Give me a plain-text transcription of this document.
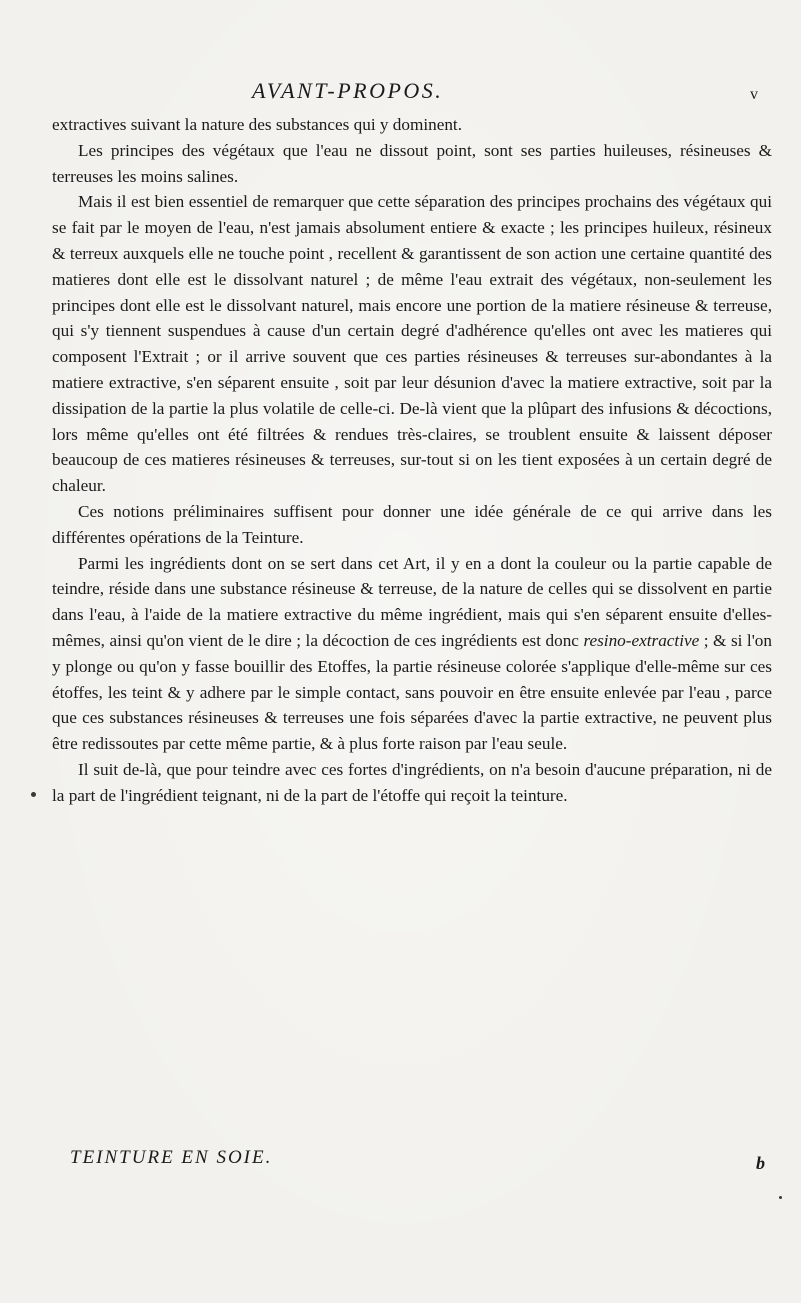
AVANT-PROPOS.	v

extractives suivant la nature des substances qui y dominent.

Les principes des végétaux que l'eau ne dissout point, sont ses parties huileuses, résineuses & terreuses les moins salines.

Mais il est bien essentiel de remarquer que cette séparation des principes prochains des végétaux qui se fait par le moyen de l'eau, n'est jamais absolument entiere & exacte ; les principes huileux, résineux & terreux auxquels elle ne touche point , recellent & garantissent de son action une certaine quantité des matieres dont elle est le dissolvant naturel ; de même l'eau extrait des végétaux, non-seulement les principes dont elle est le dissolvant naturel, mais encore une portion de la matiere résineuse & terreuse, qui s'y tiennent suspendues à cause d'un certain degré d'adhérence qu'elles ont avec les matieres qui composent l'Extrait ; or il arrive souvent que ces parties résineuses & terreuses sur-abondantes à la matiere extractive, s'en séparent ensuite , soit par leur désunion d'avec la matiere extractive, soit par la dissipation de la partie la plus volatile de celle-ci. De-là vient que la plûpart des infusions & décoctions, lors même qu'elles ont été filtrées & rendues très-claires, se troublent ensuite & laissent déposer beaucoup de ces matieres résineuses & terreuses, sur-tout si on les tient exposées à un certain degré de chaleur.

Ces notions préliminaires suffisent pour donner une idée générale de ce qui arrive dans les différentes opérations de la Teinture.

Parmi les ingrédients dont on se sert dans cet Art, il y en a dont la couleur ou la partie capable de teindre, réside dans une substance résineuse & terreuse, de la nature de celles qui se dissolvent en partie dans l'eau, à l'aide de la matiere extractive du même ingrédient, mais qui s'en séparent ensuite d'elles-mêmes, ainsi qu'on vient de le dire ; la décoction de ces ingrédients est donc resino-extractive ; & si l'on y plonge ou qu'on y fasse bouillir des Etoffes, la partie résineuse colorée s'applique d'elle-même sur ces étoffes, les teint & y adhere par le simple contact, sans pouvoir en être ensuite enlevée par l'eau , parce que ces substances résineuses & terreuses une fois séparées d'avec la partie extractive, ne peuvent plus être redissoutes par cette même partie, & à plus forte raison par l'eau seule.

Il suit de-là, que pour teindre avec ces fortes d'ingrédients, on n'a besoin d'aucune préparation, ni de la part de l'ingrédient teignant, ni de la part de l'étoffe qui reçoit la teinture.

TEINTURE EN SOIE.	b
